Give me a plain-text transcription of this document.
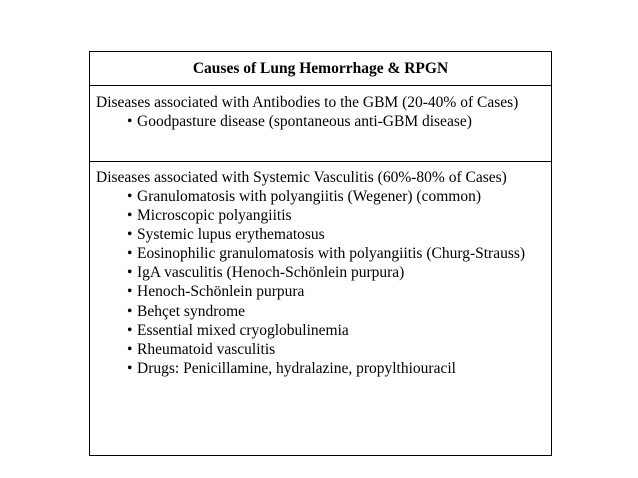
Causes of Lung Hemorrhage & RPGN
Diseases associated with Antibodies to the GBM (20-40% of Cases)
• Goodpasture disease (spontaneous anti-GBM disease)
Diseases associated with Systemic Vasculitis (60%-80% of Cases)
• Granulomatosis with polyangiitis (Wegener) (common)
• Microscopic polyangiitis
• Systemic lupus erythematosus
• Eosinophilic granulomatosis with polyangiitis (Churg-Strauss)
• IgA vasculitis (Henoch-Schönlein purpura)
• Henoch-Schönlein purpura
• Behçet syndrome
• Essential mixed cryoglobulinemia
• Rheumatoid vasculitis
• Drugs: Penicillamine, hydralazine, propylthiouracil
